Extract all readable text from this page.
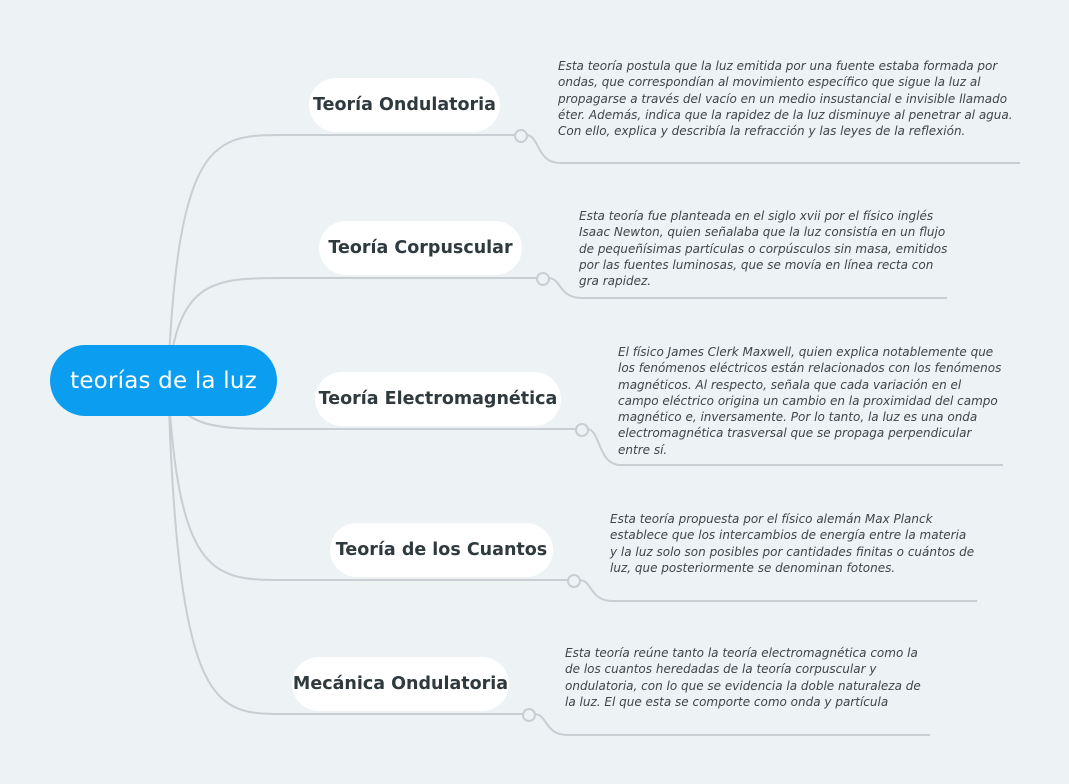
teorías de la luz
Teoría Ondulatoria
Esta teoría postula que la luz emitida por una fuente estaba formada por ondas, que correspondían al movimiento específico que sigue la luz al propagarse a través del vacío en un medio insustancial e invisible llamado éter. Además, indica que la rapidez de la luz disminuye al penetrar al agua. Con ello, explica y describía la refracción y las leyes de la reflexión.
Teoría Corpuscular
Esta teoría fue planteada en el siglo xvii por el físico inglés Isaac Newton, quien señalaba que la luz consistía en un flujo de pequeñísimas partículas o corpúsculos sin masa, emitidos por las fuentes luminosas, que se movía en línea recta con gra rapidez.
Teoría Electromagnética
El físico James Clerk Maxwell, quien explica notablemente que los fenómenos eléctricos están relacionados con los fenómenos magnéticos. Al respecto, señala que cada variación en el campo eléctrico origina un cambio en la proximidad del campo magnético e, inversamente. Por lo tanto, la luz es una onda electromagnética trasversal que se propaga perpendicular entre sí.
Teoría de los Cuantos
Esta teoría propuesta por el físico alemán Max Planck establece que los intercambios de energía entre la materia y la luz solo son posibles por cantidades finitas o cuántos de luz, que posteriormente se denominan fotones.
Mecánica Ondulatoria
Esta teoría reúne tanto la teoría electromagnética como la de los cuantos heredadas de la teoría corpuscular y ondulatoria, con lo que se evidencia la doble naturaleza de la luz. El que esta se comporte como onda y partícula
